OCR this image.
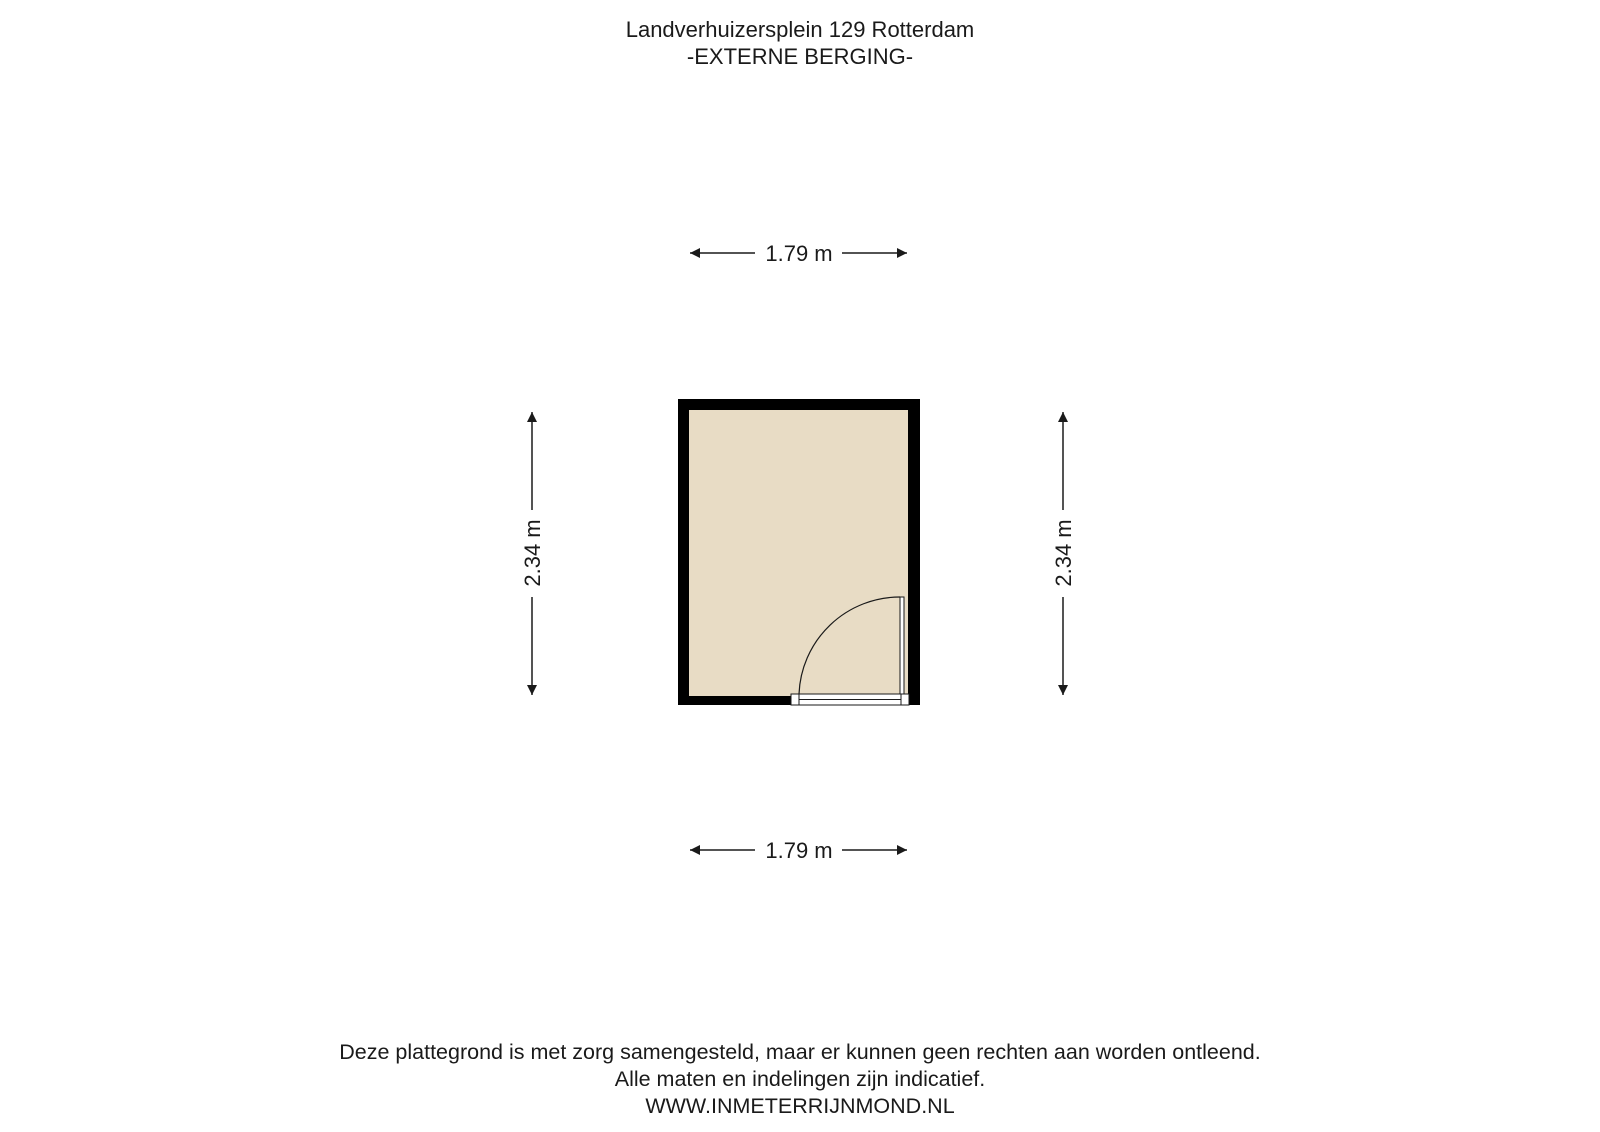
Landverhuizersplein 129 Rotterdam
-EXTERNE BERGING-
1.79 m
1.79 m
2.34 m	2.34 m
Deze plattegrond is met zorg samengesteld, maar er kunnen geen rechten aan worden ontleend.
Alle maten en indelingen zijn indicatief.
WWW.INMETERRIJNMOND.NL
